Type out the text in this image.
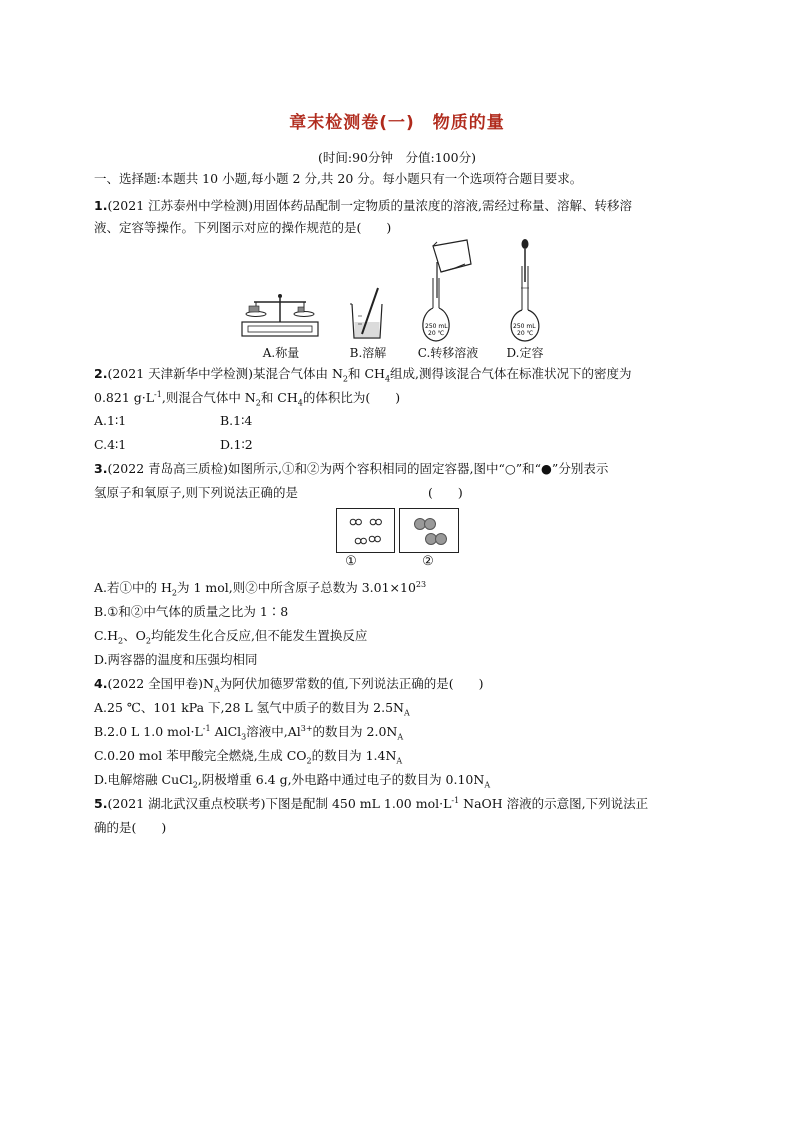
章末检测卷(一)　物质的量
(时间:90分钟　分值:100分)
一、选择题:本题共 10 小题,每小题 2 分,共 20 分。每小题只有一个选项符合题目要求。
1.(2021 江苏泰州中学检测)用固体药品配制一定物质的量浓度的溶液,需经过称量、溶解、转移溶
液、定容等操作。下列图示对应的操作规范的是(　　)
A.称量	B.溶解
250 mL
20 ℃
C.转移溶液
250 mL
20 ℃
D.定容
2.(2021 天津新华中学检测)某混合气体由 $N_2$和 $CH_4$组成,测得该混合气体在标准状况下的密度为
0.821 $g\cdot L^{-1}$,则混合气体中 $N_2$和 $CH_4$的体积比为(　　)
A.1∶1	B.1∶4
C.4∶1	D.1∶2
3.(2022 青岛高三质检)如图所示,①和②为两个容积相同的固定容器,图中“○”和“●”分别表示
氢原子和氧原子,则下列说法正确的是	(　　)
①	②
A.若①中的 $H_2$为 1 mol,则②中所含原子总数为 $3.01\times 10^{23}$
B.①和②中气体的质量之比为 1∶8
$C.H_2$、$O_2$均能发生化合反应,但不能发生置换反应
D.两容器的温度和压强均相同
4.(2022 全国甲卷)$N_A$为阿伏加德罗常数的值,下列说法正确的是(　　)
A.25 ℃、101 kPa 下,28 L 氢气中质子的数目为 $2.5N_A$
B.2.0 L 1.0 $mol\cdot L^{-1}$ AlCl$_3$溶液中$,Al^{3+}$的数目为 $2.0N_A$
C.0.20 mol 苯甲酸完全燃烧,生成 $CO_2$的数目为 $1.4N_A$
D.电解熔融 CuCl$_2$,阴极增重 6.4 g,外电路中通过电子的数目为 $0.10N_A$
5.(2021 湖北武汉重点校联考)下图是配制 450 mL 1.00 $mol\cdot L^{-1}$ NaOH 溶液的示意图,下列说法正
确的是(　　)
